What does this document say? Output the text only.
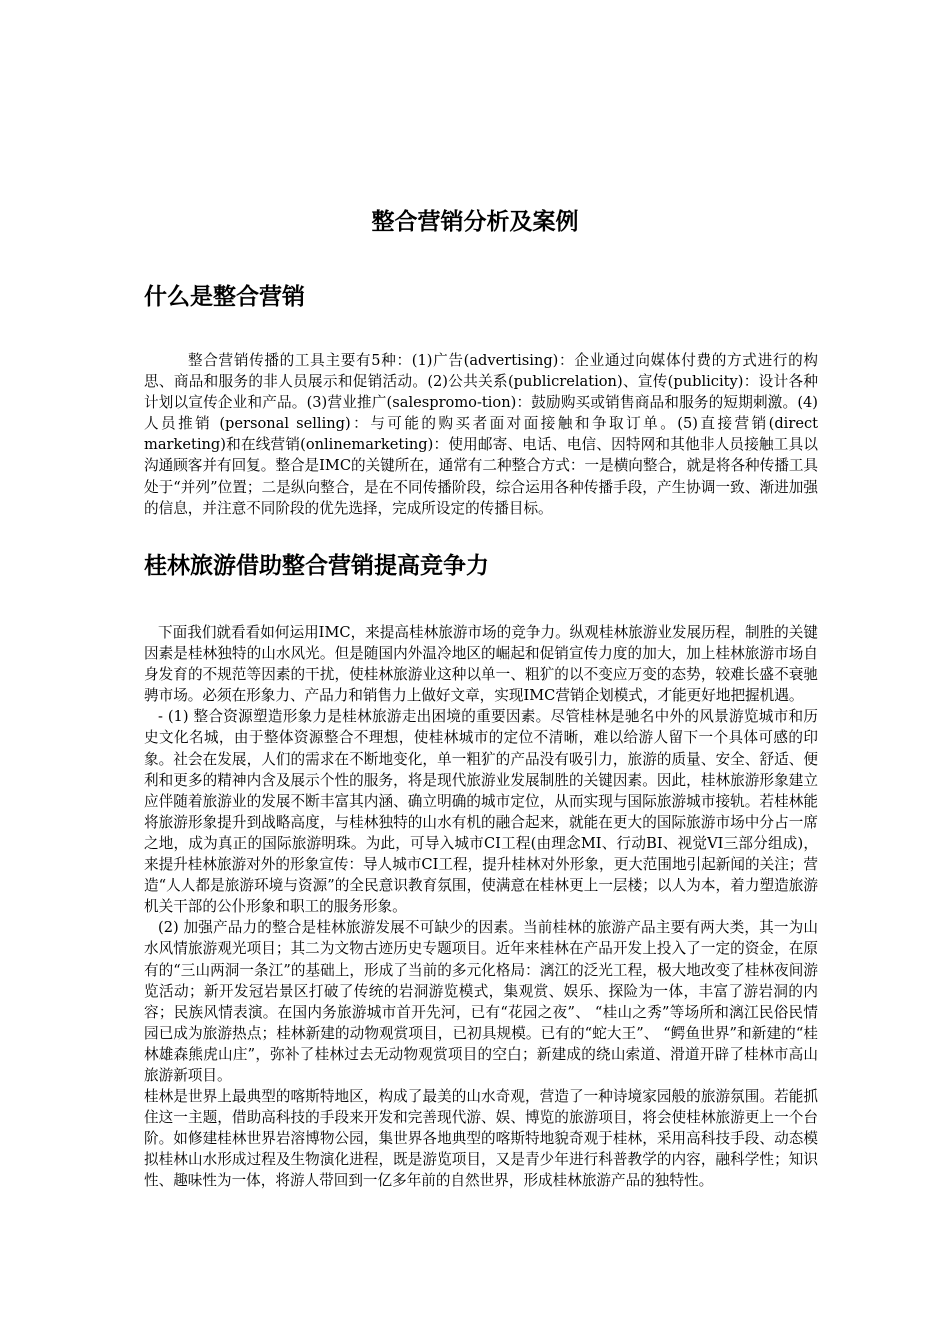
整合营销分析及案例
什么是整合营销

整合营销传播的工具主要有5种：(1)广告(advertising)：企业通过向媒体付费的方式进行的构思、商品和服务的非人员展示和促销活动。(2)公共关系(publicrelation)、宣传(publicity)：设计各种计划以宣传企业和产品。(3)营业推广(salespromo-tion)：鼓励购买或销售商品和服务的短期刺激。(4)人员推销 (personal selling)：与可能的购买者面对面接触和争取订单。(5)直接营销(direct marketing)和在线营销(onlinemarketing)：使用邮寄、电话、电信、因特网和其他非人员接触工具以沟通顾客并有回复。整合是IMC的关键所在，通常有二种整合方式：一是横向整合，就是将各种传播工具处于“并列”位置；二是纵向整合，是在不同传播阶段，综合运用各种传播手段，产生协调一致、渐进加强的信息，并注意不同阶段的优先选择，完成所设定的传播目标。

桂林旅游借助整合营销提高竞争力

下面我们就看看如何运用IMC，来提高桂林旅游市场的竞争力。纵观桂林旅游业发展历程，制胜的关键因素是桂林独特的山水风光。但是随国内外温冷地区的崛起和促销宣传力度的加大，加上桂林旅游市场自身发育的不规范等因素的干扰，使桂林旅游业这种以单一、粗犷的以不变应万变的态势，较难长盛不衰驰骋市场。必须在形象力、产品力和销售力上做好文章，实现IMC营销企划模式，才能更好地把握机遇。

- (1) 整合资源塑造形象力是桂林旅游走出困境的重要因素。尽管桂林是驰名中外的风景游览城市和历史文化名城，由于整体资源整合不理想，使桂林城市的定位不清晰，难以给游人留下一个具体可感的印象。社会在发展，人们的需求在不断地变化，单一粗犷的产品没有吸引力，旅游的质量、安全、舒适、便利和更多的精神内含及展示个性的服务，将是现代旅游业发展制胜的关键因素。因此，桂林旅游形象建立应伴随着旅游业的发展不断丰富其内涵、确立明确的城市定位，从而实现与国际旅游城市接轨。若桂林能将旅游形象提升到战略高度，与桂林独特的山水有机的融合起来，就能在更大的国际旅游市场中分占一席之地，成为真正的国际旅游明珠。为此，可导入城市CI工程(由理念MI、行动BI、视觉VI三部分组成)，来提升桂林旅游对外的形象宣传：导人城市CI工程，提升桂林对外形象，更大范围地引起新闻的关注；营造“人人都是旅游环境与资源”的全民意识教育氛围，使满意在桂林更上一层楼；以人为本，着力塑造旅游机关干部的公仆形象和职工的服务形象。

(2) 加强产品力的整合是桂林旅游发展不可缺少的因素。当前桂林的旅游产品主要有两大类，其一为山水风情旅游观光项目；其二为文物古迹历史专题项目。近年来桂林在产品开发上投入了一定的资金，在原有的“三山两洞一条江”的基础上，形成了当前的多元化格局：漓江的泛光工程，极大地改变了桂林夜间游览活动；新开发冠岩景区打破了传统的岩洞游览模式，集观赏、娱乐、探险为一体，丰富了游岩洞的内容；民族风情表演。在国内务旅游城市首开先河，已有“花园之夜”、 “桂山之秀”等场所和漓江民俗民情园已成为旅游热点；桂林新建的动物观赏项目，已初具规模。已有的“蛇大王”、 “鳄鱼世界”和新建的“桂林雄森熊虎山庄”，弥补了桂林过去无动物观赏项目的空白；新建成的绕山索道、滑道开辟了桂林市高山旅游新项目。

桂林是世界上最典型的喀斯特地区，构成了最美的山水奇观，营造了一种诗境家园般的旅游氛围。若能抓住这一主题，借助高科技的手段来开发和完善现代游、娱、博览的旅游项目，将会使桂林旅游更上一个台阶。如修建桂林世界岩溶博物公园，集世界各地典型的喀斯特地貌奇观于桂林，采用高科技手段、动态模拟桂林山水形成过程及生物演化进程，既是游览项目，又是青少年进行科普教学的内容，融科学性；知识性、趣味性为一体，将游人带回到一亿多年前的自然世界，形成桂林旅游产品的独特性。
